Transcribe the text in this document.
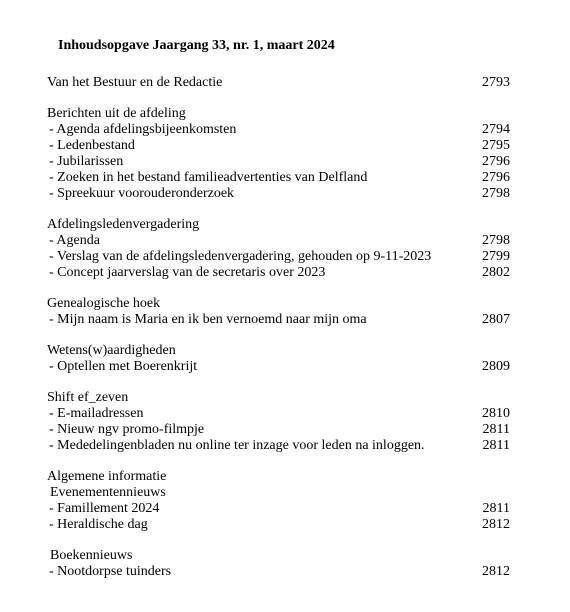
Inhoudsopgave Jaargang 33, nr. 1, maart 2024
Van het Bestuur en de Redactie	2793
Berichten uit de afdeling
- Agenda afdelingsbijeenkomsten	2794
- Ledenbestand	2795
- Jubilarissen	2796
- Zoeken in het bestand familieadvertenties van Delfland	2796
- Spreekuur voorouderonderzoek	2798
Afdelingsledenvergadering
- Agenda	2798
- Verslag van de afdelingsledenvergadering, gehouden op 9-11-2023	2799
- Concept jaarverslag van de secretaris over 2023	2802
Genealogische hoek
- Mijn naam is Maria en ik ben vernoemd naar mijn oma	2807
Wetens(w)aardigheden
- Optellen met Boerenkrijt	2809
Shift ef_zeven
- E-mailadressen	2810
- Nieuw ngv promo-filmpje	2811
- Mededelingenbladen nu online ter inzage voor leden na inloggen.	2811
Algemene informatie
Evenementennieuws
- Famillement 2024	2811
- Heraldische dag	2812
Boekennieuws
- Nootdorpse tuinders	2812
